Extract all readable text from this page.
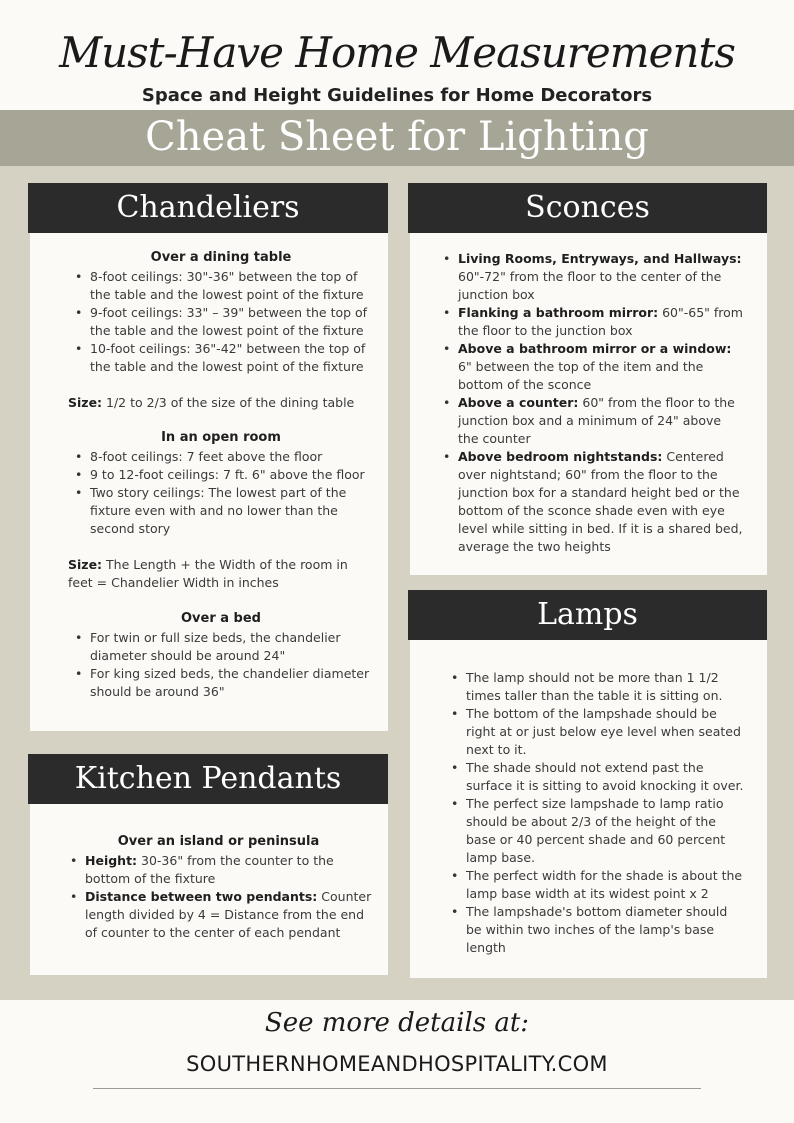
Must-Have Home Measurements
Space and Height Guidelines for Home Decorators
Cheat Sheet for Lighting
Chandeliers
Over a dining table
• 8-foot ceilings: 30"-36" between the top of the table and the lowest point of the fixture
• 9-foot ceilings: 33" – 39" between the top of the table and the lowest point of the fixture
• 10-foot ceilings: 36"-42" between the top of the table and the lowest point of the fixture

Size: 1/2 to 2/3 of the size of the dining table

In an open room
• 8-foot ceilings: 7 feet above the floor
• 9 to 12-foot ceilings: 7 ft. 6" above the floor
• Two story ceilings: The lowest part of the fixture even with and no lower than the second story

Size: The Length + the Width of the room in feet = Chandelier Width in inches

Over a bed
• For twin or full size beds, the chandelier diameter should be around 24"
• For king sized beds, the chandelier diameter should be around 36"
Sconces
• Living Rooms, Entryways, and Hallways: 60"-72" from the floor to the center of the junction box
• Flanking a bathroom mirror: 60"-65" from the floor to the junction box
• Above a bathroom mirror or a window: 6" between the top of the item and the bottom of the sconce
• Above a counter: 60" from the floor to the junction box and a minimum of 24" above the counter
• Above bedroom nightstands: Centered over nightstand; 60" from the floor to the junction box for a standard height bed or the bottom of the sconce shade even with eye level while sitting in bed. If it is a shared bed, average the two heights
Lamps
• The lamp should not be more than 1 1/2 times taller than the table it is sitting on.
• The bottom of the lampshade should be right at or just below eye level when seated next to it.
• The shade should not extend past the surface it is sitting to avoid knocking it over.
• The perfect size lampshade to lamp ratio should be about 2/3 of the height of the base or 40 percent shade and 60 percent lamp base.
• The perfect width for the shade is about the lamp base width at its widest point x 2
• The lampshade's bottom diameter should be within two inches of the lamp's base length
Kitchen Pendants
Over an island or peninsula
• Height: 30-36" from the counter to the bottom of the fixture
• Distance between two pendants: Counter length divided by 4 = Distance from the end of counter to the center of each pendant
See more details at:
SOUTHERNHOMEANDHOSPITALITY.COM
